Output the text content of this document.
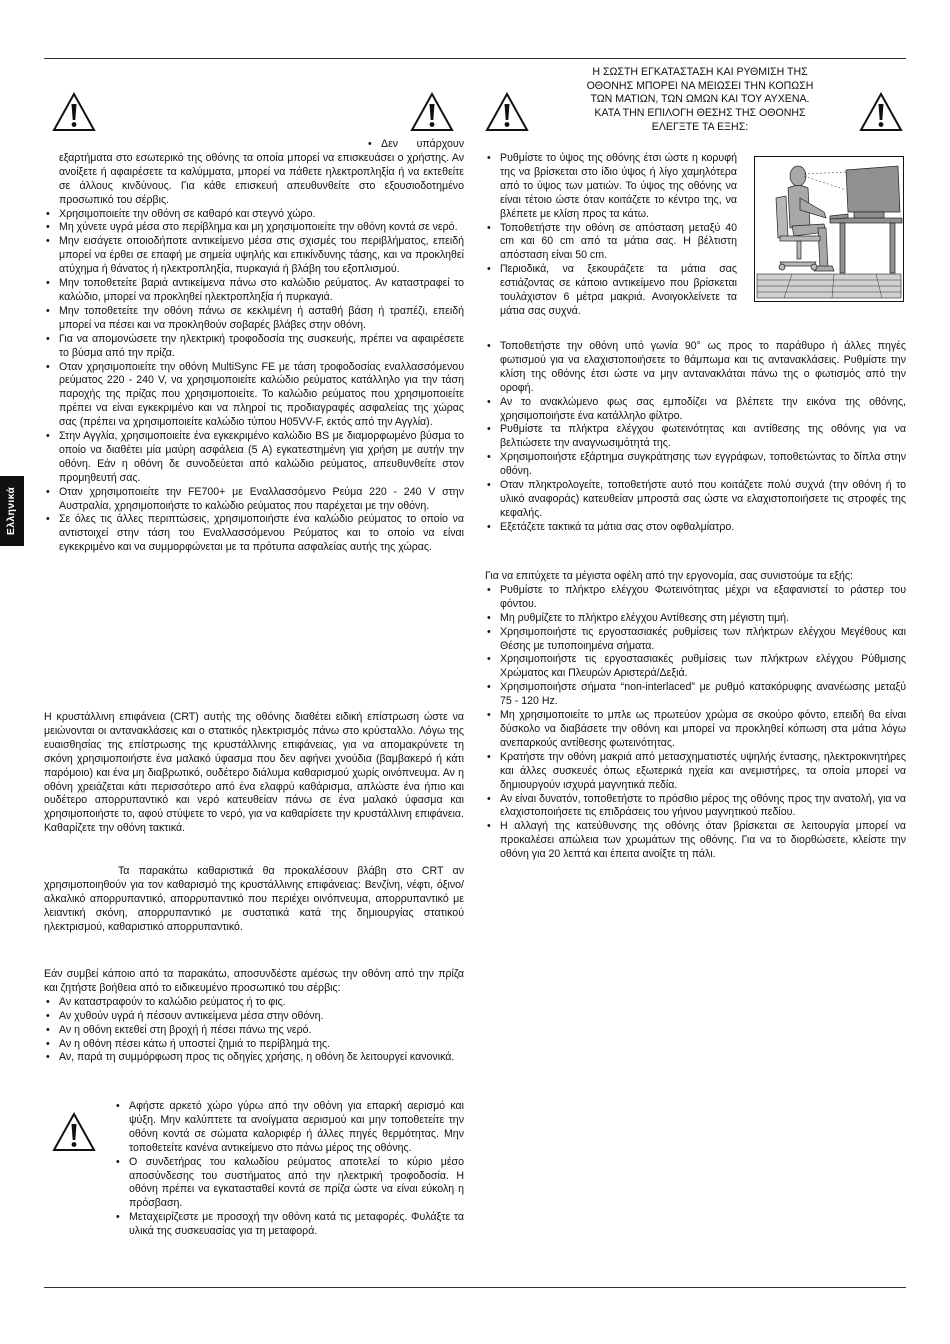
Ελληνικά
Η ΣΩΣΤΗ ΕΓΚΑΤΑΣΤΑΣΗ ΚΑΙ ΡΥΘΜΙΣΗ ΤΗΣ
ΟΘΟΝΗΣ ΜΠΟΡΕΙ ΝΑ ΜΕΙΩΣΕΙ ΤΗΝ ΚΟΠΩΣΗ
ΤΩΝ ΜΑΤΙΩΝ, ΤΩΝ ΩΜΩΝ ΚΑΙ ΤΟΥ ΑΥΧΕΝΑ.
ΚΑΤΑ ΤΗΝ ΕΠΙΛΟΓΗ ΘΕΣΗΣ ΤΗΣ ΟΘΟΝΗΣ
ΕΛΕΓΞΤΕ ΤΑ ΕΞΗΣ:
• Δεν υπάρχουν εξαρτήματα στο εσωτερικό της οθόνης τα οποία μπορεί να επισκευάσει ο χρήστης. Αν ανοίξετε ή αφαιρέσετε τα καλύμματα, μπορεί να πάθετε ηλεκτροπληξία ή να εκτεθείτε σε άλλους κινδύνους. Για κάθε επισκευή απευθυνθείτε στο εξουσιοδοτημένο προσωπικό του σέρβις.
• Χρησιμοποιείτε την οθόνη σε καθαρό και στεγνό χώρο.
• Μη χύνετε υγρά μέσα στο περίβλημα και μη χρησιμοποιείτε την οθόνη κοντά σε νερό.
• Μην εισάγετε οποιοδήποτε αντικείμενο μέσα στις σχισμές του περιβλήματος, επειδή μπορεί να έρθει σε επαφή με σημεία υψηλής και επικίνδυνης τάσης, και να προκληθεί ατύχημα ή θάνατος ή ηλεκτροπληξία, πυρκαγιά ή βλάβη του εξοπλισμού.
• Μην τοποθετείτε βαριά αντικείμενα πάνω στο καλώδιο ρεύματος. Αν καταστραφεί το καλώδιο, μπορεί να προκληθεί ηλεκτροπληξία ή πυρκαγιά.
• Μην τοποθετείτε την οθόνη πάνω σε κεκλιμένη ή ασταθή βάση ή τραπέζι, επειδή μπορεί να πέσει και να προκληθούν σοβαρές βλάβες στην οθόνη.
• Για να απομονώσετε την ηλεκτρική τροφοδοσία της συσκευής, πρέπει να αφαιρέσετε το βύσμα από την πρίζα.
• Οταν χρησιμοποιείτε την οθόνη MultiSync FE με τάση τροφοδοσίας εναλλασσόμενου ρεύματος 220 - 240 V, να χρησιμοποιείτε καλώδιο ρεύματος κατάλληλο για την τάση παροχής της πρίζας που χρησιμοποιείτε. Το καλώδιο ρεύματος που χρησιμοποιείτε πρέπει να είναι εγκεκριμένο και να πληροί τις προδιαγραφές ασφαλείας της χώρας σας (πρέπει να χρησιμοποιείτε καλώδιο τύπου H05VV-F, εκτός από την Αγγλία).
• Στην Αγγλία, χρησιμοποιείτε ένα εγκεκριμένο καλώδιο BS με διαμορφωμένο βύσμα το οποίο να διαθέτει μία μαύρη ασφάλεια (5 A) εγκατεστημένη για χρήση με αυτήν την οθόνη. Εάν η οθόνη δε συνοδεύεται από καλώδιο ρεύματος, απευθυνθείτε στον προμηθευτή σας.
• Οταν χρησιμοποιείτε την FE700+ με Εναλλασσόμενο Ρεύμα 220 - 240 V στην Αυστραλία, χρησιμοποιήστε το καλώδιο ρεύματος που παρέχεται με την οθόνη.
• Σε όλες τις άλλες περιπτώσεις, χρησιμοποιήστε ένα καλώδιο ρεύματος το οποίο να αντιστοιχεί στην τάση του Εναλλασσόμενου Ρεύματος και το οποίο να είναι εγκεκριμένο και να συμμορφώνεται με τα πρότυπα ασφαλείας αυτής της χώρας.

Η κρυστάλλινη επιφάνεια (CRT) αυτής της οθόνης διαθέτει ειδική επίστρωση ώστε να μειώνονται οι αντανακλάσεις και ο στατικός ηλεκτρισμός πάνω στο κρύσταλλο. Λόγω της ευαισθησίας της επίστρωσης της κρυστάλλινης επιφάνειας, για να απομακρύνετε τη σκόνη χρησιμοποιήστε ένα μαλακό ύφασμα που δεν αφήνει χνούδια (βαμβακερό ή κάτι παρόμοιο) και ένα μη διαβρωτικό, ουδέτερο διάλυμα καθαρισμού χωρίς οινόπνευμα. Αν η οθόνη χρειάζεται κάτι περισσότερο από ένα ελαφρύ καθάρισμα, απλώστε ένα ήπιο και ουδέτερο απορρυπαντικό και νερό κατευθείαν πάνω σε ένα μαλακό ύφασμα και χρησιμοποιήστε το, αφού στύψετε το νερό, για να καθαρίσετε την κρυστάλλινη επιφάνεια. Καθαρίζετε την οθόνη τακτικά.

Τα παρακάτω καθαριστικά θα προκαλέσουν βλάβη στο CRT αν χρησιμοποιηθούν για τον καθαρισμό της κρυστάλλινης επιφάνειας: Βενζίνη, νέφτι, όξινο/αλκαλικό απορρυπαντικό, απορρυπαντικό που περιέχει οινόπνευμα, απορρυπαντικό με λειαντική σκόνη, απορρυπαντικό με συστατικά κατά της δημιουργίας στατικού ηλεκτρισμού, καθαριστικό απορρυπαντικό.

Εάν συμβεί κάποιο από τα παρακάτω, αποσυνδέστε αμέσως την οθόνη από την πρίζα και ζητήστε βοήθεια από το ειδικευμένο προσωπικό του σέρβις:

• Αν καταστραφούν το καλώδιο ρεύματος ή το φις.
• Αν χυθούν υγρά ή πέσουν αντικείμενα μέσα στην οθόνη.
• Αν η οθόνη εκτεθεί στη βροχή ή πέσει πάνω της νερό.
• Αν η οθόνη πέσει κάτω ή υποστεί ζημιά το περίβλημά της.
• Αν, παρά τη συμμόρφωση προς τις οδηγίες χρήσης, η οθόνη δε λειτουργεί κανονικά.
• Αφήστε αρκετό χώρο γύρω από την οθόνη για επαρκή αερισμό και ψύξη. Μην καλύπτετε τα ανοίγματα αερισμού και μην τοποθετείτε την οθόνη κοντά σε σώματα καλοριφέρ ή άλλες πηγές θερμότητας. Μην τοποθετείτε κανένα αντικείμενο στο πάνω μέρος της οθόνης.
• Ο συνδετήρας του καλωδίου ρεύματος αποτελεί το κύριο μέσο αποσύνδεσης του συστήματος από την ηλεκτρική τροφοδοσία. Η οθόνη πρέπει να εγκατασταθεί κοντά σε πρίζα ώστε να είναι εύκολη η πρόσβαση.
• Μεταχειρίζεστε με προσοχή την οθόνη κατά τις μεταφορές. Φυλάξτε τα υλικά της συσκευασίας για τη μεταφορά.
• Ρυθμίστε το ύψος της οθόνης έτσι ώστε η κορυφή της να βρίσκεται στο ίδιο ύψος ή λίγο χαμηλότερα από το ύψος των ματιών. Το ύψος της οθόνης να είναι τέτοιο ώστε όταν κοιτάζετε το κέντρο της, να βλέπετε με κλίση προς τα κάτω.
• Τοποθετήστε την οθόνη σε απόσταση μεταξύ 40 cm και 60 cm από τα μάτια σας. Η βέλτιστη απόσταση είναι 50 cm.
• Περιοδικά, να ξεκουράζετε τα μάτια σας εστιάζοντας σε κάποιο αντικείμενο που βρίσκεται τουλάχιστον 6 μέτρα μακριά. Ανοιγοκλείνετε τα μάτια σας συχνά.
• Τοποθετήστε την οθόνη υπό γωνία 90° ως προς το παράθυρο ή άλλες πηγές φωτισμού για να ελαχιστοποιήσετε το θάμπωμα και τις αντανακλάσεις. Ρυθμίστε την κλίση της οθόνης έτσι ώστε να μην αντανακλάται πάνω της ο φωτισμός από την οροφή.
• Αν το ανακλώμενο φως σας εμποδίζει να βλέπετε την εικόνα της οθόνης, χρησιμοποιήστε ένα κατάλληλο φίλτρο.
• Ρυθμίστε τα πλήκτρα ελέγχου φωτεινότητας και αντίθεσης της οθόνης για να βελτιώσετε την αναγνωσιμότητά της.
• Χρησιμοποιήστε εξάρτημα συγκράτησης των εγγράφων, τοποθετώντας το δίπλα στην οθόνη.
• Οταν πληκτρολογείτε, τοποθετήστε αυτό που κοιτάζετε πολύ συχνά (την οθόνη ή το υλικό αναφοράς) κατευθείαν μπροστά σας ώστε να ελαχιστοποιήσετε τις στροφές της κεφαλής.
• Εξετάζετε τακτικά τα μάτια σας στον οφθαλμίατρο.

Για να επιτύχετε τα μέγιστα οφέλη από την εργονομία, σας συνιστούμε τα εξής:

• Ρυθμίστε το πλήκτρο ελέγχου Φωτεινότητας μέχρι να εξαφανιστεί το ράστερ του φόντου.
• Μη ρυθμίζετε το πλήκτρο ελέγχου Αντίθεσης στη μέγιστη τιμή.
• Χρησιμοποιήστε τις εργοστασιακές ρυθμίσεις των πλήκτρων ελέγχου Μεγέθους και Θέσης με τυποποιημένα σήματα.
• Χρησιμοποιήστε τις εργοστασιακές ρυθμίσεις των πλήκτρων ελέγχου Ρύθμισης Χρώματος και Πλευρών Αριστερά/Δεξιά.
• Χρησιμοποιήστε σήματα “non-interlaced” με ρυθμό κατακόρυφης ανανέωσης μεταξύ 75 - 120 Hz.
• Μη χρησιμοποιείτε το μπλε ως πρωτεύον χρώμα σε σκούρο φόντο, επειδή θα είναι δύσκολο να διαβάσετε την οθόνη και μπορεί να προκληθεί κόπωση στα μάτια λόγω ανεπαρκούς αντίθεσης φωτεινότητας.
• Κρατήστε την οθόνη μακριά από μετασχηματιστές υψηλής έντασης, ηλεκτροκινητήρες και άλλες συσκευές όπως εξωτερικά ηχεία και ανεμιστήρες, τα οποία μπορεί να δημιουργούν ισχυρά μαγνητικά πεδία.
• Αν είναι δυνατόν, τοποθετήστε το πρόσθιο μέρος της οθόνης προς την ανατολή, για να ελαχιστοποιήσετε τις επιδράσεις του γήινου μαγνητικού πεδίου.
• Η αλλαγή της κατεύθυνσης της οθόνης όταν βρίσκεται σε λειτουργία μπορεί να προκαλέσει απώλεια των χρωμάτων της οθόνης. Για να το διορθώσετε, κλείστε την οθόνη για 20 λεπτά και έπειτα ανοίξτε τη πάλι.
